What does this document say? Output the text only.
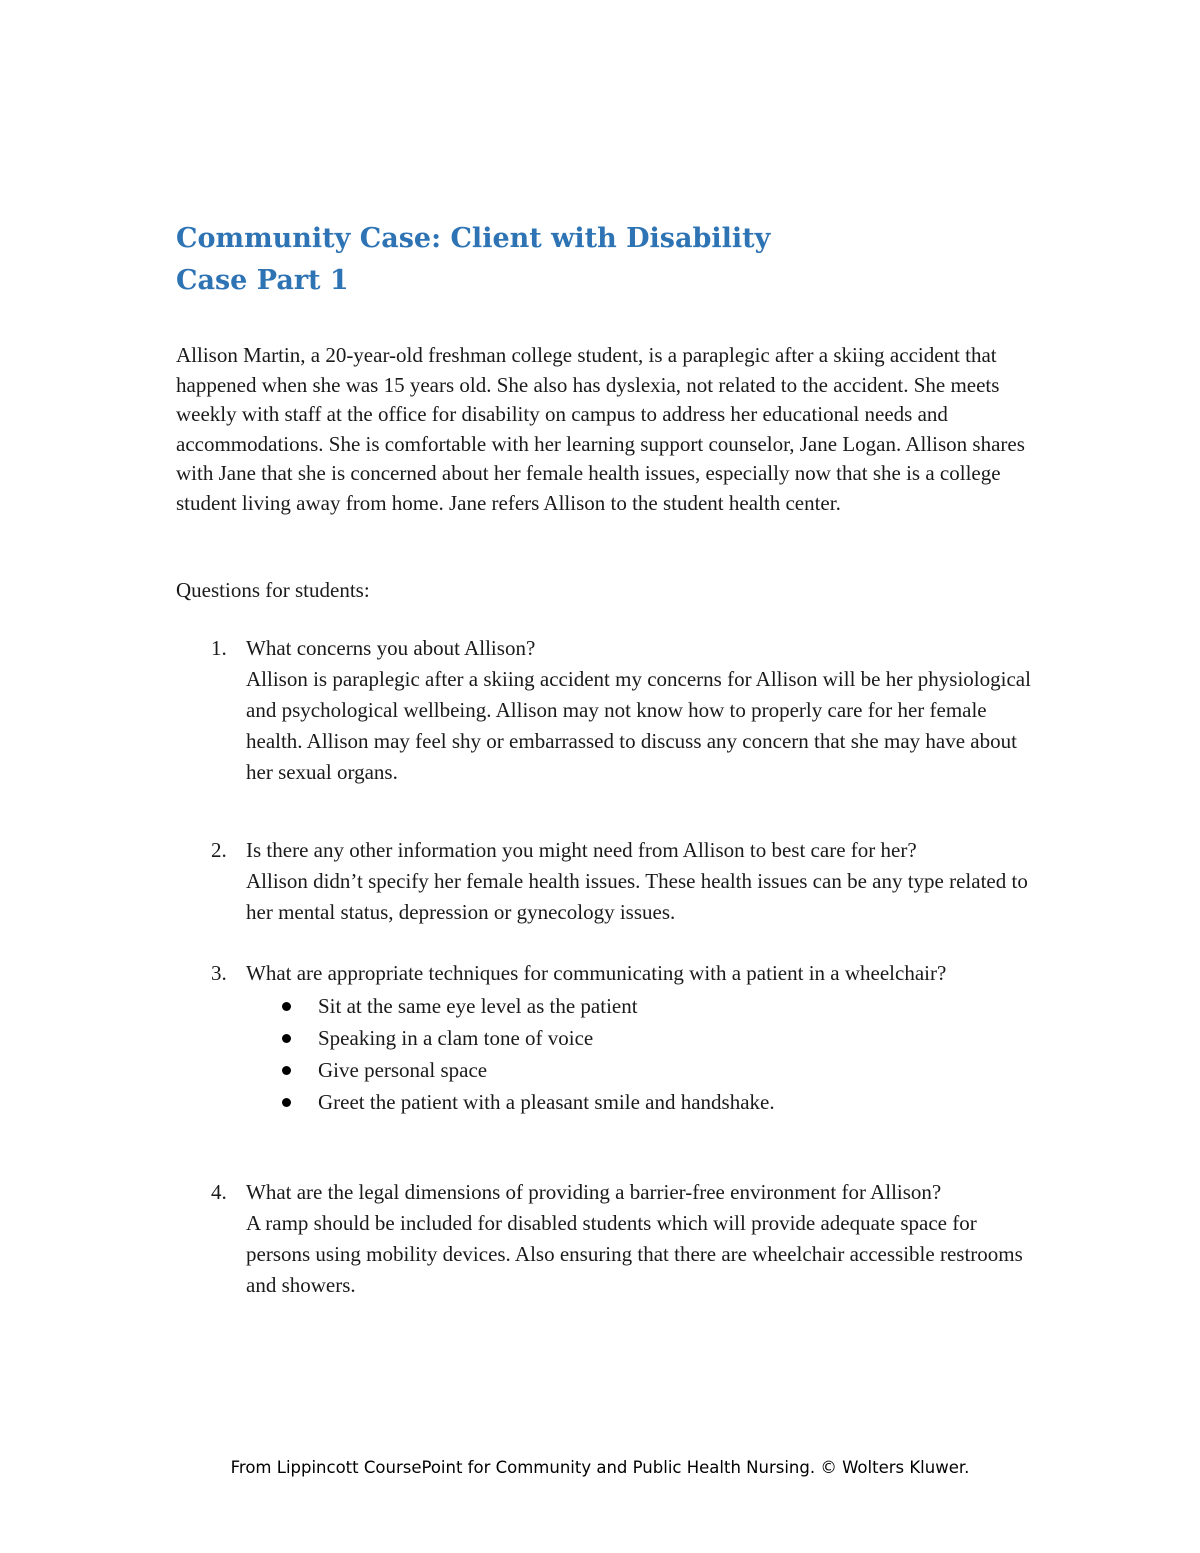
Community Case: Client with Disability
Case Part 1

Allison Martin, a 20-year-old freshman college student, is a paraplegic after a skiing accident that happened when she was 15 years old. She also has dyslexia, not related to the accident. She meets weekly with staff at the office for disability on campus to address her educational needs and accommodations. She is comfortable with her learning support counselor, Jane Logan. Allison shares with Jane that she is concerned about her female health issues, especially now that she is a college student living away from home. Jane refers Allison to the student health center.

Questions for students:

1. What concerns you about Allison?
Allison is paraplegic after a skiing accident my concerns for Allison will be her physiological and psychological wellbeing. Allison may not know how to properly care for her female health. Allison may feel shy or embarrassed to discuss any concern that she may have about her sexual organs.
2. Is there any other information you might need from Allison to best care for her?
Allison didn’t specify her female health issues. These health issues can be any type related to her mental status, depression or gynecology issues.
3. What are appropriate techniques for communicating with a patient in a wheelchair?
Sit at the same eye level as the patient
Speaking in a clam tone of voice
Give personal space
Greet the patient with a pleasant smile and handshake.
4. What are the legal dimensions of providing a barrier-free environment for Allison?
A ramp should be included for disabled students which will provide adequate space for persons using mobility devices. Also ensuring that there are wheelchair accessible restrooms and showers.
From Lippincott CoursePoint for Community and Public Health Nursing. © Wolters Kluwer.
